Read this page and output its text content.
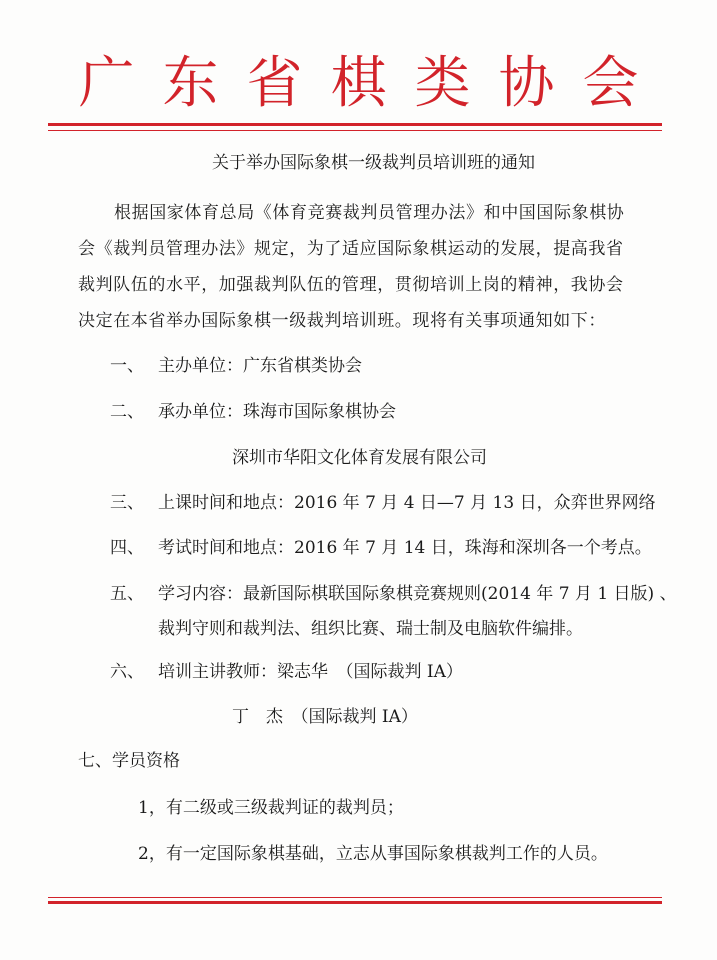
广东省棋类协会
关于举办国际象棋一级裁判员培训班的通知
根据国家体育总局《体育竞赛裁判员管理办法》和中国国际象棋协会《裁判员管理办法》规定，为了适应国际象棋运动的发展，提高我省裁判队伍的水平，加强裁判队伍的管理，贯彻培训上岗的精神，我协会决定在本省举办国际象棋一级裁判培训班。现将有关事项通知如下：
一、 主办单位：广东省棋类协会
二、 承办单位：珠海市国际象棋协会
深圳市华阳文化体育发展有限公司
三、 上课时间和地点：2016 年 7 月 4 日—7 月 13 日，众弈世界网络
四、 考试时间和地点：2016 年 7 月 14 日，珠海和深圳各一个考点。
五、 学习内容：最新国际棋联国际象棋竞赛规则(2014 年 7 月 1 日版) 、
裁判守则和裁判法、组织比赛、瑞士制及电脑软件编排。
六、 培训主讲教师：梁志华　（国际裁判 IA）
丁　杰　（国际裁判 IA）
七、学员资格
1，有二级或三级裁判证的裁判员；
2，有一定国际象棋基础，立志从事国际象棋裁判工作的人员。
